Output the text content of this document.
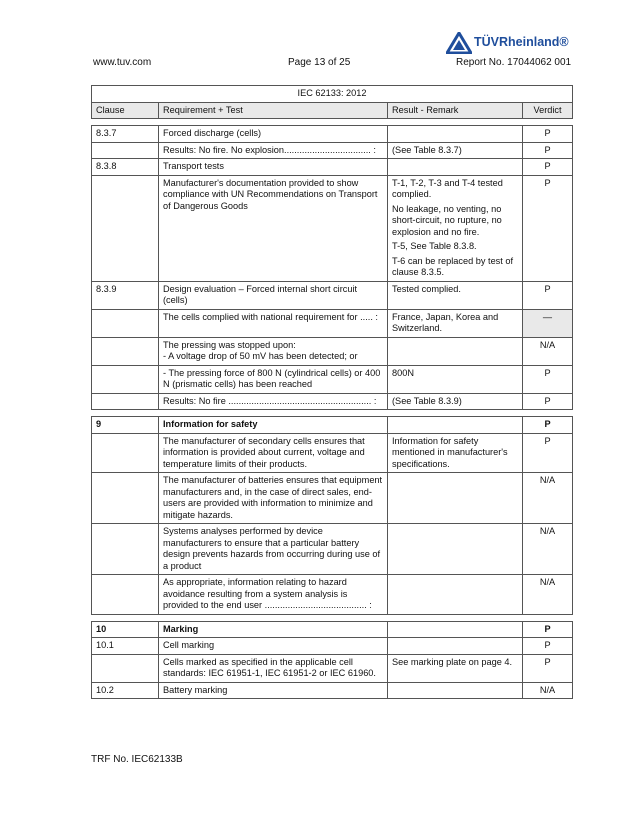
www.tuv.com	Page 13 of 25	Report No. 17044062 001
TÜVRheinland®
IEC 62133: 2012			
Clause	Requirement + Test	Result - Remark	Verdict

8.3.7	Forced discharge (cells)		P
	Results: No fire. No explosion.................................. :	(See Table 8.3.7)	P
8.3.8	Transport tests		P
	Manufacturer's documentation provided to show compliance with UN Recommendations on Transport of Dangerous Goods	T-1, T-2, T-3 and T-4 tested complied.
No leakage, no venting, no short-circuit, no rupture, no explosion and no fire.
T-5, See Table 8.3.8.
T-6 can be replaced by test of clause 8.3.5.	P
8.3.9	Design evaluation – Forced internal short circuit (cells)	Tested complied.	P
	The cells complied with national requirement for ..... :	France, Japan, Korea and Switzerland.	—

	The pressing was stopped upon:
- A voltage drop of 50 mV has been detected; or		N/A
	- The pressing force of 800 N (cylindrical cells) or 400 N (prismatic cells) has been reached	800N	P
	Results: No fire ........................................................ :	(See Table 8.3.9)	P

9	Information for safety		P
	The manufacturer of secondary cells ensures that information is provided about current, voltage and temperature limits of their products.	Information for safety mentioned in manufacturer's specifications.	P
	The manufacturer of batteries ensures that equipment manufacturers and, in the case of direct sales, end-users are provided with information to minimize and mitigate hazards.		N/A
	Systems analyses performed by device manufacturers to ensure that a particular battery design prevents hazards from occurring during use of a product		N/A
	As appropriate, information relating to hazard avoidance resulting from a system analysis is provided to the end user ........................................ :		N/A

10	Marking		P
10.1	Cell marking		P
	Cells marked as specified in the applicable cell standards: IEC 61951-1, IEC 61951-2 or IEC 61960.	See marking plate on page 4.	P
10.2	Battery marking		N/A
TRF No. IEC62133B
